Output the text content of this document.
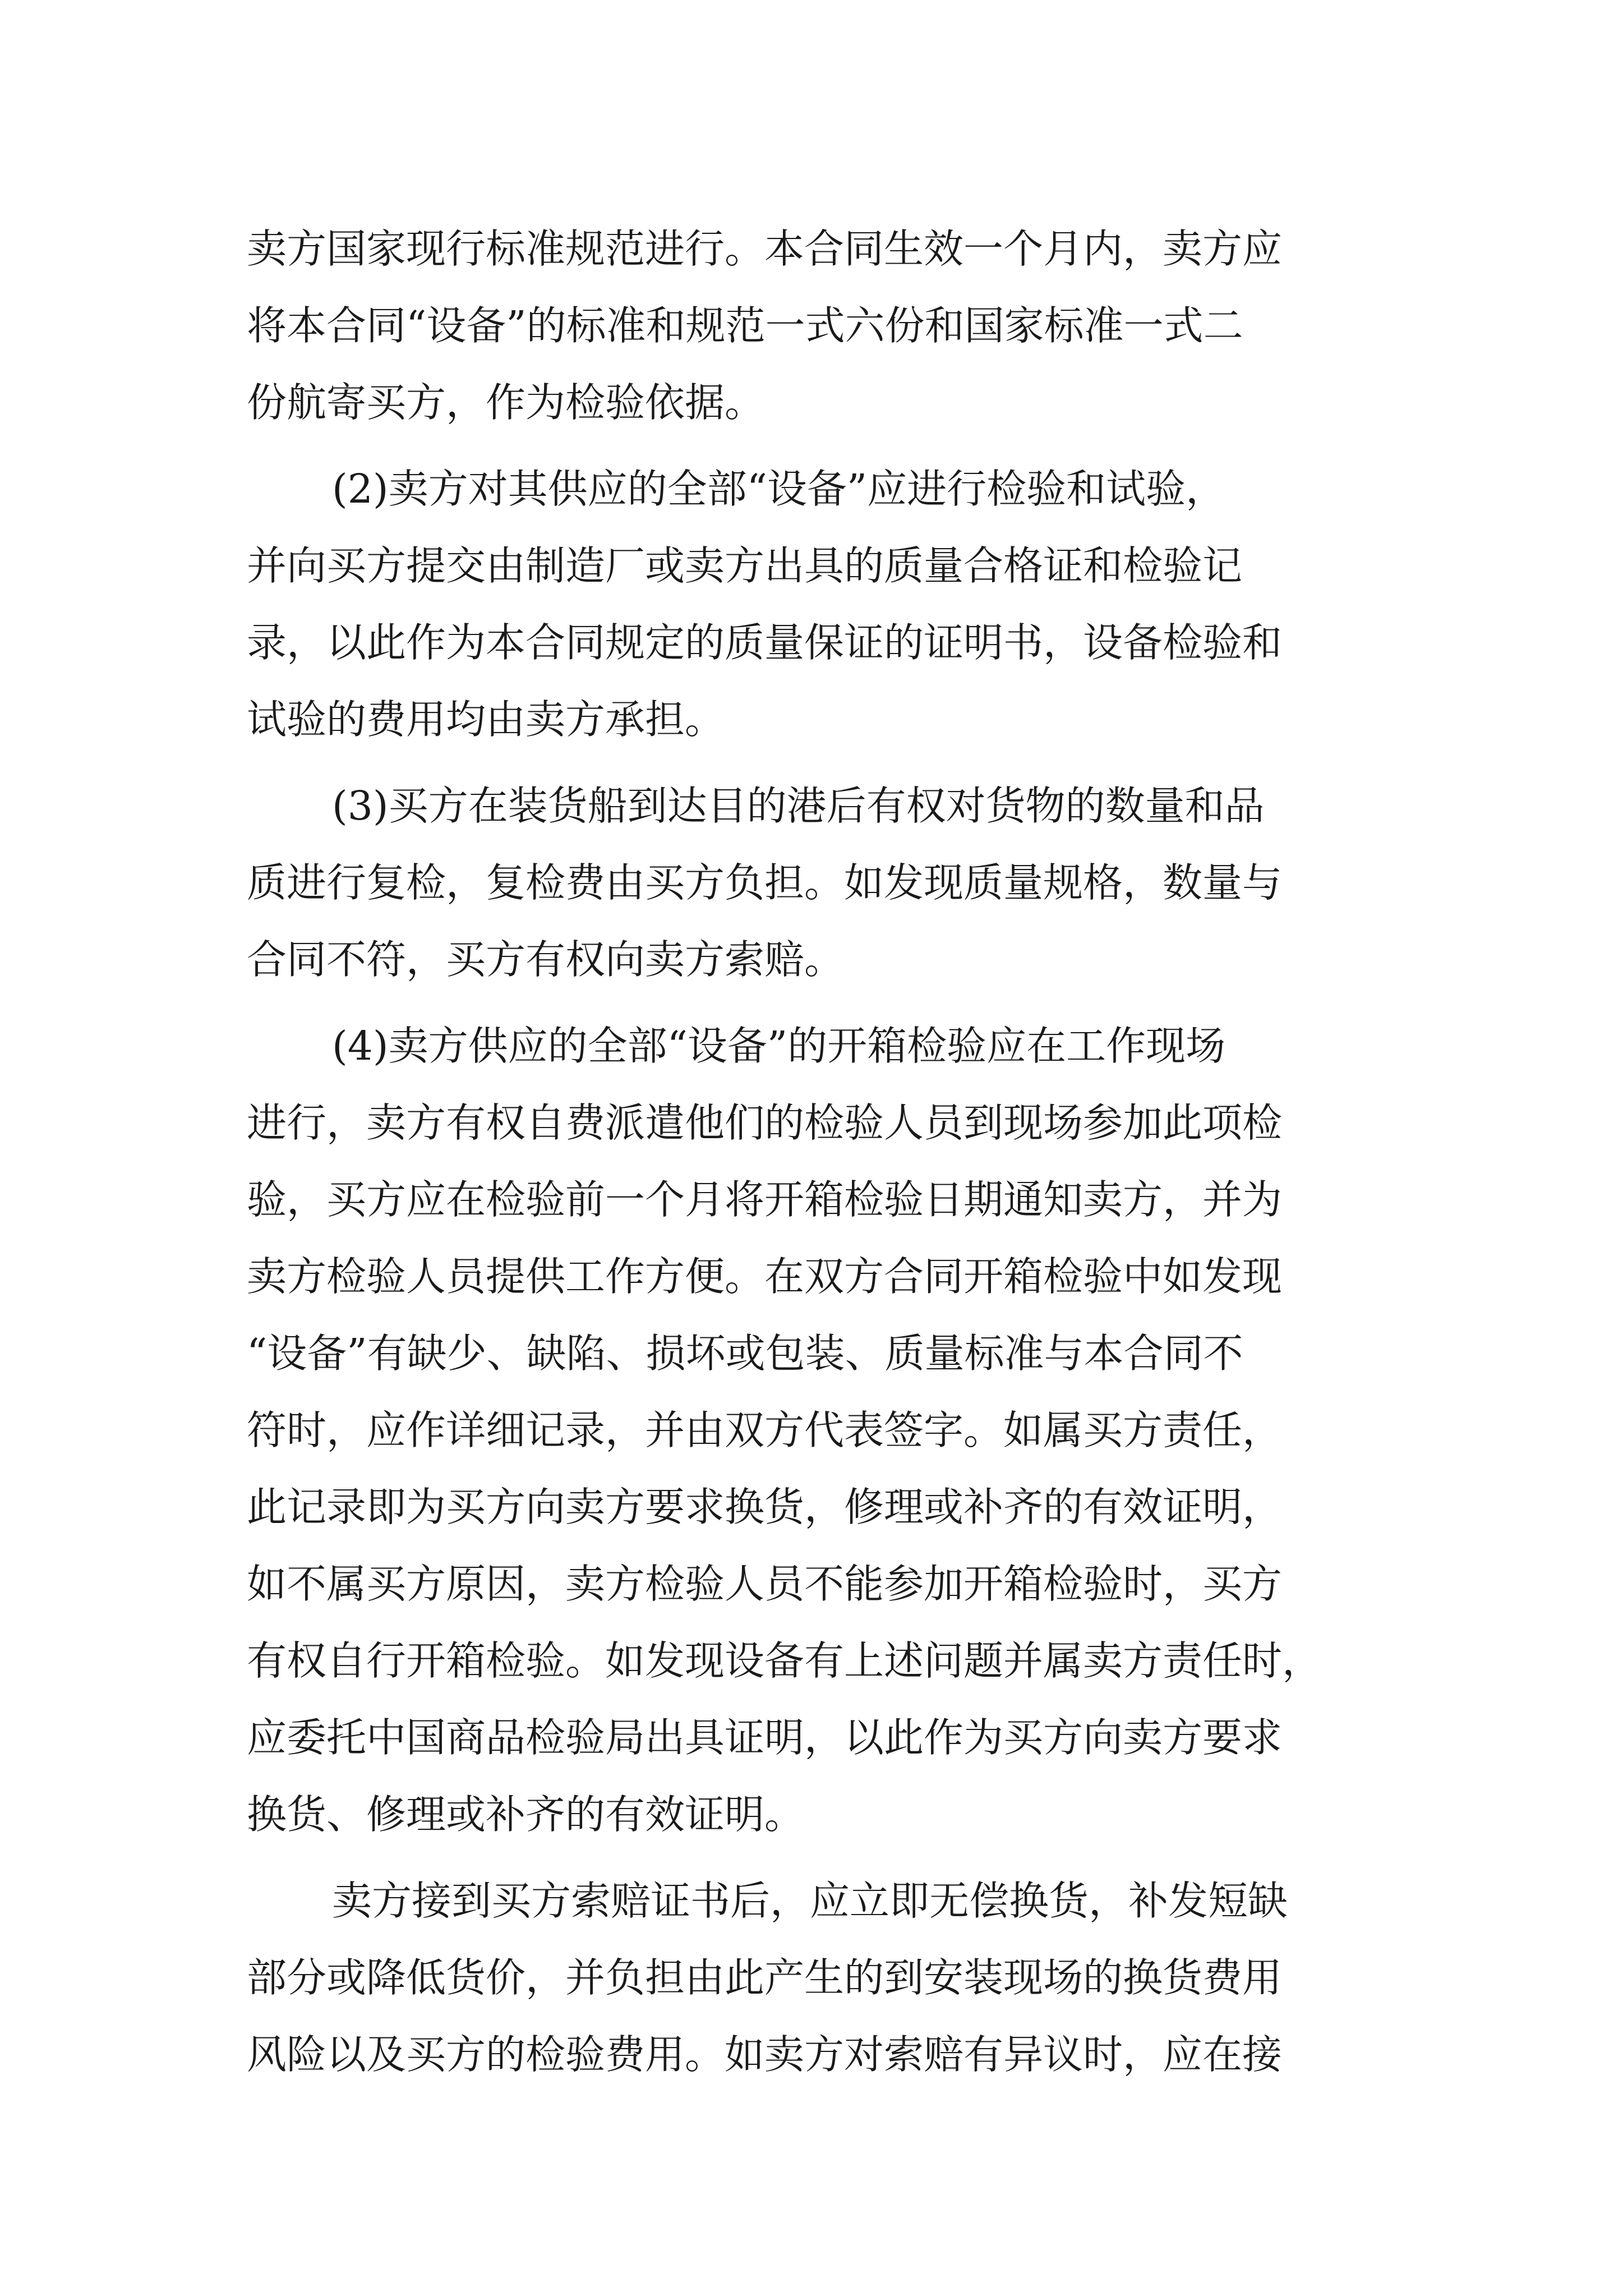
卖方国家现行标准规范进行。本合同生效一个月内，卖方应
将本合同“设备”的标准和规范一式六份和国家标准一式二
份航寄买方，作为检验依据。
(2)卖方对其供应的全部“设备”应进行检验和试验，
并向买方提交由制造厂或卖方出具的质量合格证和检验记
录，以此作为本合同规定的质量保证的证明书，设备检验和
试验的费用均由卖方承担。
(3)买方在装货船到达目的港后有权对货物的数量和品
质进行复检，复检费由买方负担。如发现质量规格，数量与
合同不符，买方有权向卖方索赔。
(4)卖方供应的全部“设备”的开箱检验应在工作现场
进行，卖方有权自费派遣他们的检验人员到现场参加此项检
验，买方应在检验前一个月将开箱检验日期通知卖方，并为
卖方检验人员提供工作方便。在双方合同开箱检验中如发现
“设备”有缺少、缺陷、损坏或包装、质量标准与本合同不
符时，应作详细记录，并由双方代表签字。如属买方责任，
此记录即为买方向卖方要求换货，修理或补齐的有效证明，
如不属买方原因，卖方检验人员不能参加开箱检验时，买方
有权自行开箱检验。如发现设备有上述问题并属卖方责任时，
应委托中国商品检验局出具证明，以此作为买方向卖方要求
换货、修理或补齐的有效证明。
卖方接到买方索赔证书后，应立即无偿换货，补发短缺
部分或降低货价，并负担由此产生的到安装现场的换货费用
风险以及买方的检验费用。如卖方对索赔有异议时，应在接
